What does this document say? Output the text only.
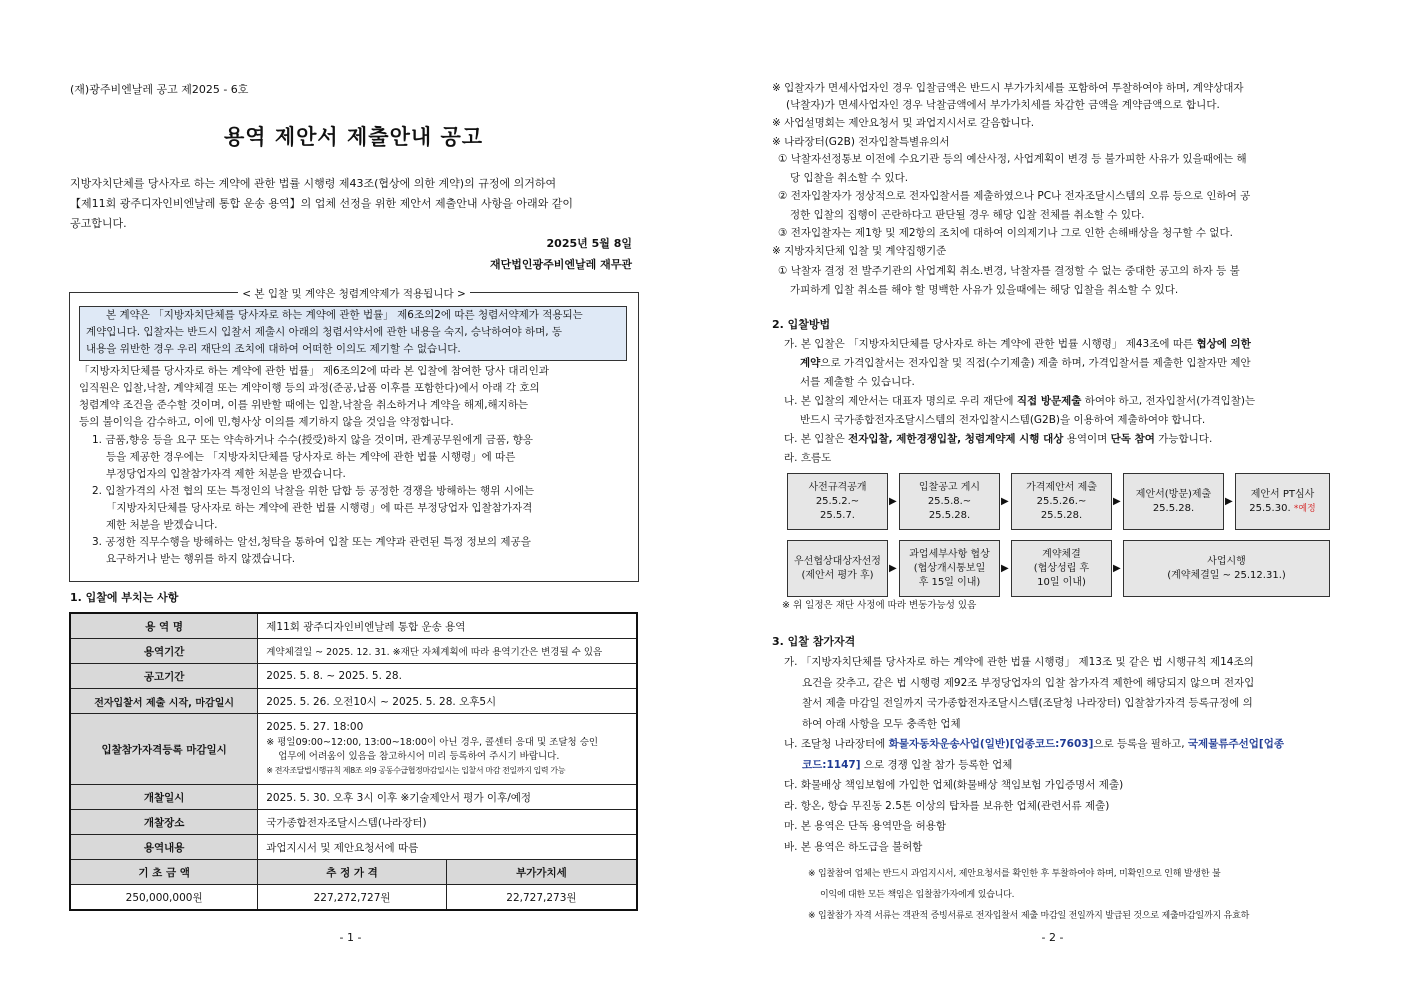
(재)광주비엔날레 공고 제2025 - 6호
용역 제안서 제출안내 공고
지방자치단체를 당사자로 하는 계약에 관한 법률 시행령 제43조(협상에 의한 계약)의 규정에 의거하여
【제11회 광주디자인비엔날레 통합 운송 용역】의 업체 선정을 위한 제안서 제출안내 사항을 아래와 같이
공고합니다.
2025년 5월 8일
재단법인광주비엔날레 재무관
< 본 입찰 및 계약은 청렴계약제가 적용됩니다 >
본 계약은 「지방자치단체를 당사자로 하는 계약에 관한 법률」 제6조의2에 따른 청렴서약제가 적용되는
계약입니다. 입찰자는 반드시 입찰서 제출시 아래의 청렴서약서에 관한 내용을 숙지, 승낙하여야 하며, 동
내용을 위반한 경우 우리 재단의 조치에 대하여 어떠한 이의도 제기할 수 없습니다.
「지방자치단체를 당사자로 하는 계약에 관한 법률」 제6조의2에 따라 본 입찰에 참여한 당사 대리인과
임직원은 입찰,낙찰, 계약체결 또는 계약이행 등의 과정(준공,납품 이후를 포함한다)에서 아래 각 호의
청렴계약 조건을 준수할 것이며, 이를 위반할 때에는 입찰,낙찰을 취소하거나 계약을 해제,해지하는
등의 불이익을 감수하고, 이에 민,형사상 이의를 제기하지 않을 것임을 약정합니다.
1. 금품,향응 등을 요구 또는 약속하거나 수수(授受)하지 않을 것이며, 관계공무원에게 금품, 향응
등을 제공한 경우에는 「지방자치단체를 당사자로 하는 계약에 관한 법률 시행령」에 따른
부정당업자의 입찰참가자격 제한 처분을 받겠습니다.
2. 입찰가격의 사전 협의 또는 특정인의 낙찰을 위한 담합 등 공정한 경쟁을 방해하는 행위 시에는
「지방자치단체를 당사자로 하는 계약에 관한 법률 시행령」에 따른 부정당업자 입찰참가자격
제한 처분을 받겠습니다.
3. 공정한 직무수행을 방해하는 알선,청탁을 통하여 입찰 또는 계약과 관련된 특정 정보의 제공을
요구하거나 받는 행위를 하지 않겠습니다.
1. 입찰에 부치는 사항
용 역 명	제11회 광주디자인비엔날레 통합 운송 용역	
용역기간	계약체결일 ~ 2025. 12. 31. ※재단 자체계획에 따라 용역기간은 변경될 수 있음	
공고기간	2025. 5. 8. ~ 2025. 5. 28.	
전자입찰서 제출 시작, 마감일시	2025. 5. 26. 오전10시 ~ 2025. 5. 28. 오후5시	
입찰참가자격등록 마감일시	2025. 5. 27. 18:00
※ 평일09:00~12:00, 13:00~18:00이 아닌 경우, 콜센터 응대 및 조달청 승인
업무에 어려움이 있음을 참고하시어 미리 등록하여 주시기 바랍니다.
※ 전자조달법시행규칙 제8조 의9 공동수급협정마감일시는 입찰서 마감 전일까지 입력 가능	

개찰일시	2025. 5. 30. 오후 3시 이후 ※기술제안서 평가 이후/예정	
개찰장소	국가종합전자조달시스템(나라장터)	
용역내용	과업지시서 및 제안요청서에 따름	
기 초 금 액	추 정 가 격	부가가치세
250,000,000원	227,272,727원	22,727,273원
- 1 -
※ 입찰자가 면세사업자인 경우 입찰금액은 반드시 부가가치세를 포함하여 투찰하여야 하며, 계약상대자
(낙찰자)가 면세사업자인 경우 낙찰금액에서 부가가치세를 차감한 금액을 계약금액으로 합니다.
※ 사업설명회는 제안요청서 및 과업지시서로 갈음합니다.
※ 나라장터(G2B) 전자입찰특별유의서
① 낙찰자선정통보 이전에 수요기관 등의 예산사정, 사업계획이 변경 등 불가피한 사유가 있을때에는 해
당 입찰을 취소할 수 있다.
② 전자입찰자가 정상적으로 전자입찰서를 제출하였으나 PC나 전자조달시스템의 오류 등으로 인하여 공
정한 입찰의 집행이 곤란하다고 판단될 경우 해당 입찰 전체를 취소할 수 있다.
③ 전자입찰자는 제1항 및 제2항의 조치에 대하여 이의제기나 그로 인한 손해배상을 청구할 수 없다.
※ 지방자치단체 입찰 및 계약집행기준
① 낙찰자 결정 전 발주기관의 사업계획 취소.변경, 낙찰자를 결정할 수 없는 중대한 공고의 하자 등 불
가피하게 입찰 취소를 해야 할 명백한 사유가 있을때에는 해당 입찰을 취소할 수 있다.
2. 입찰방법
가. 본 입찰은 「지방자치단체를 당사자로 하는 계약에 관한 법률 시행령」 제43조에 따른 협상에 의한
계약으로 가격입찰서는 전자입찰 및 직접(수기제출) 제출 하며, 가격입찰서를 제출한 입찰자만 제안
서를 제출할 수 있습니다.
나. 본 입찰의 제안서는 대표자 명의로 우리 재단에 직접 방문제출 하여야 하고, 전자입찰서(가격입찰)는
반드시 국가종합전자조달시스템의 전자입찰시스템(G2B)을 이용하여 제출하여야 합니다.
다. 본 입찰은 전자입찰, 제한경쟁입찰, 청렴계약제 시행 대상 용역이며 단독 참여 가능합니다.
라. 흐름도
사전규격공개
25.5.2.~
25.5.7.
▶
입찰공고 게시
25.5.8.~
25.5.28.
▶
가격제안서 제출
25.5.26.~
25.5.28.
▶
제안서(방문)제출
25.5.28.
▶
제안서 PT심사
25.5.30. *예정
우선협상대상자선정
(제안서 평가 후)
▶
과업세부사항 협상
(협상개시통보일
후 15일 이내)
▶
계약체결
(협상성립 후
10일 이내)
▶
사업시행
(계약체결일 ~ 25.12.31.)
※ 위 일정은 재단 사정에 따라 변동가능성 있음
3. 입찰 참가자격
가. 「지방자치단체를 당사자로 하는 계약에 관한 법률 시행령」 제13조 및 같은 법 시행규칙 제14조의
요건을 갖추고, 같은 법 시행령 제92조 부정당업자의 입찰 참가자격 제한에 해당되지 않으며 전자입
찰서 제출 마감일 전일까지 국가종합전자조달시스템(조달청 나라장터) 입찰참가자격 등록규정에 의
하여 아래 사항을 모두 충족한 업체
나. 조달청 나라장터에 화물자동차운송사업(일반)[업종코드:7603]으로 등록을 필하고, 국제물류주선업[업종
코드:1147] 으로 경쟁 입찰 참가 등록한 업체
다. 화물배상 책임보험에 가입한 업체(화물배상 책임보험 가입증명서 제출)
라. 항온, 항습 무진동 2.5톤 이상의 탑차를 보유한 업체(관련서류 제출)
마. 본 용역은 단독 용역만을 허용함
바. 본 용역은 하도급을 불허함
※ 입찰참여 업체는 반드시 과업지시서, 제안요청서를 확인한 후 투찰하여야 하며, 미확인으로 인해 발생한 불
이익에 대한 모든 책임은 입찰참가자에게 있습니다.
※ 입찰참가 자격 서류는 객관적 증빙서류로 전자입찰서 제출 마감일 전일까지 발급된 것으로 제출마감일까지 유효하
- 2 -
